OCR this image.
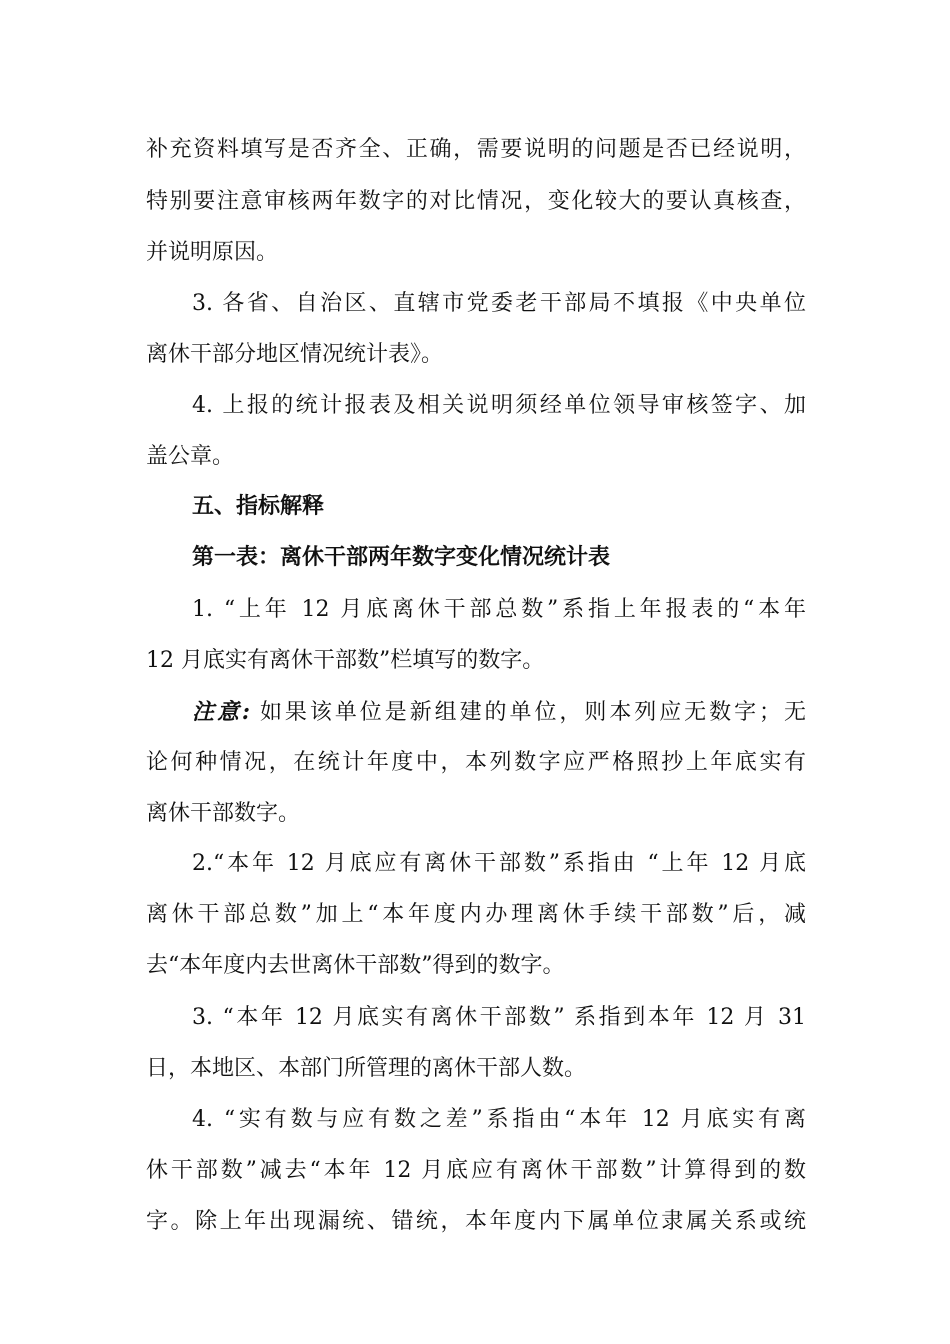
补充资料填写是否齐全、正确，需要说明的问题是否已经说明，
特别要注意审核两年数字的对比情况，变化较大的要认真核查，
并说明原因。
3. 各省、自治区、直辖市党委老干部局不填报《中央单位
离休干部分地区情况统计表》。
4. 上报的统计报表及相关说明须经单位领导审核签字、加
盖公章。
五、指标解释
第一表：离休干部两年数字变化情况统计表
1. “上年 12 月底离休干部总数”系指上年报表的“本年
12 月底实有离休干部数”栏填写的数字。
注意: 如果该单位是新组建的单位，则本列应无数字；无
论何种情况，在统计年度中，本列数字应严格照抄上年底实有
离休干部数字。
2.“本年 12 月底应有离休干部数”系指由 “上年 12 月底
离休干部总数”加上“本年度内办理离休手续干部数”后，减
去“本年度内去世离休干部数”得到的数字。
3. “本年 12 月底实有离休干部数” 系指到本年 12 月 31
日，本地区、本部门所管理的离休干部人数。
4. “实有数与应有数之差”系指由“本年 12 月底实有离
休干部数”减去“本年 12 月底应有离休干部数”计算得到的数
字。除上年出现漏统、错统，本年度内下属单位隶属关系或统
